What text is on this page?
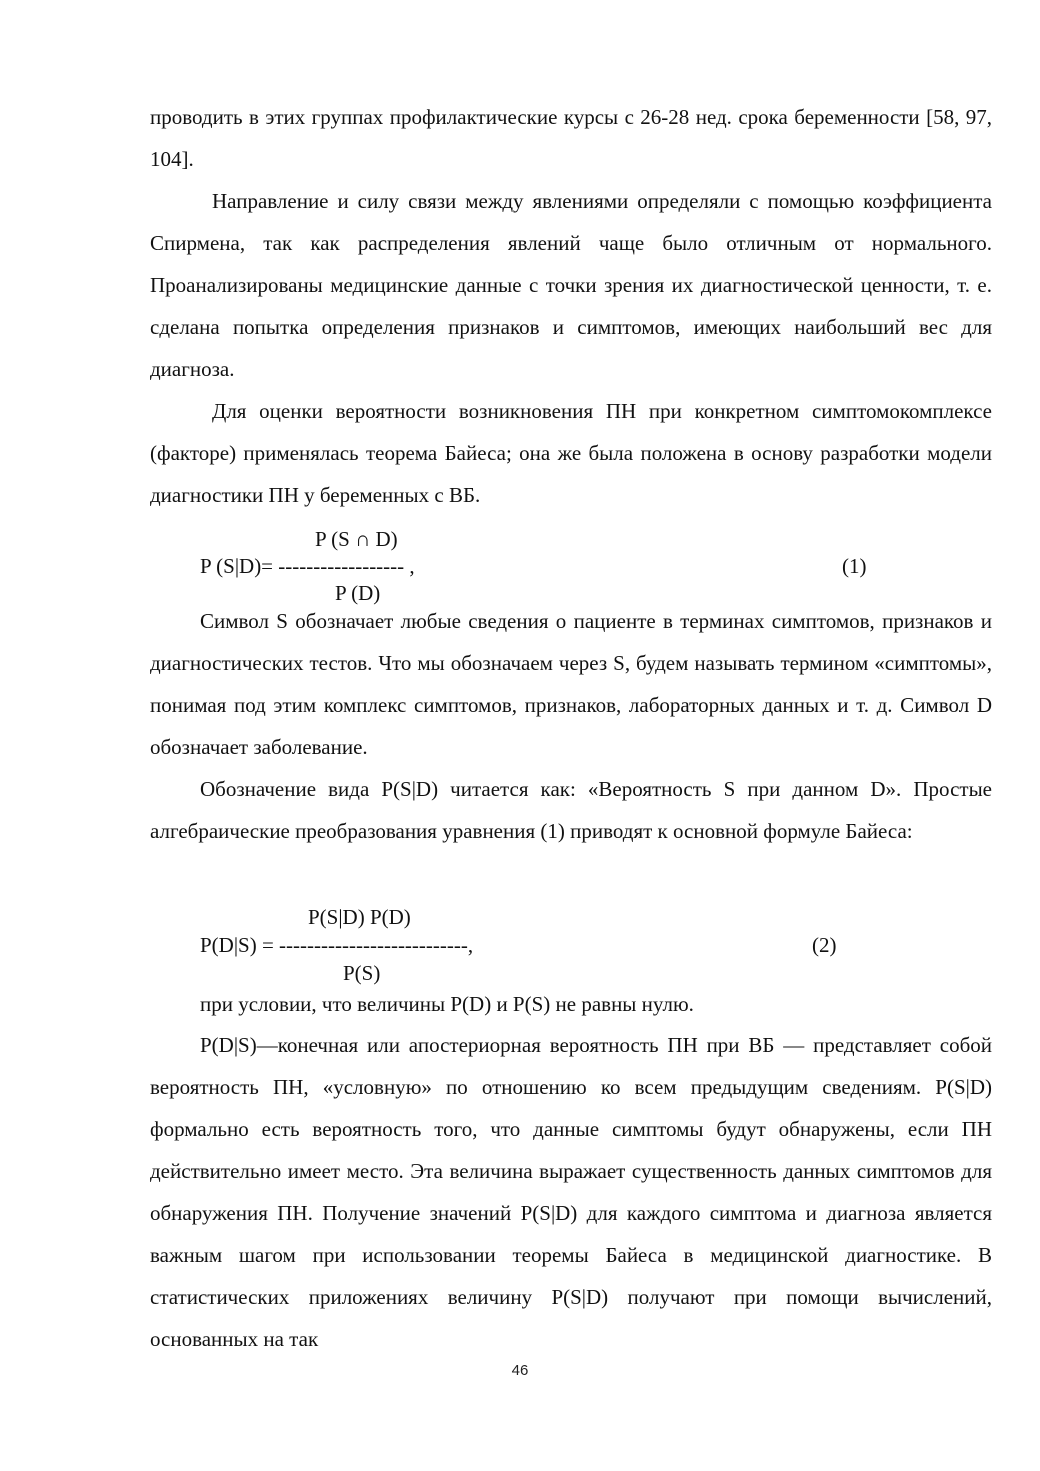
проводить в этих группах профилактические курсы с 26-28 нед. срока беременности [58, 97, 104].

Направление и силу связи между явлениями определяли с помощью коэффициента Спирмена, так как распределения явлений чаще было отличным от нормального. Проанализированы медицинские данные с точки зрения их диагностической ценности, т. е. сделана попытка определения признаков и симптомов, имеющих наибольший вес для диагноза.

Для оценки вероятности возникновения ПН при конкретном симптомокомплексе (факторе) применялась теорема Байеса; она же была положена в основу разработки модели диагностики ПН у беременных с ВБ.

P (S ∩ D)

P (S|D)= ------------------ ,

P (D)

(1)

Символ S обозначает любые сведения о пациенте в терминах симптомов, признаков и диагностических тестов. Что мы обозначаем через S, будем называть термином «симптомы», понимая под этим комплекс симптомов, признаков, лабораторных данных и т. д. Символ D обозначает заболевание.

Обозначение вида P(S|D) читается как: «Вероятность S при данном D». Простые алгебраические преобразования уравнения (1) приводят к основной формуле Байеса:

P(S|D) P(D)

P(D|S) = ---------------------------,

P(S)

(2)

при условии, что величины P(D) и P(S) не равны нулю.

P(D|S)—конечная или апостериорная вероятность ПН при ВБ — представляет собой вероятность ПН, «условную» по отношению ко всем предыдущим сведениям. P(S|D) формально есть вероятность того, что данные симптомы будут обнаружены, если ПН действительно имеет место. Эта величина выражает существенность данных симптомов для обнаружения ПН. Получение значений P(S|D) для каждого симптома и диагноза является важным шагом при использовании теоремы Байеса в медицинской диагностике. В статистических приложениях величину P(S|D) получают при помощи вычислений, основанных на так

46
